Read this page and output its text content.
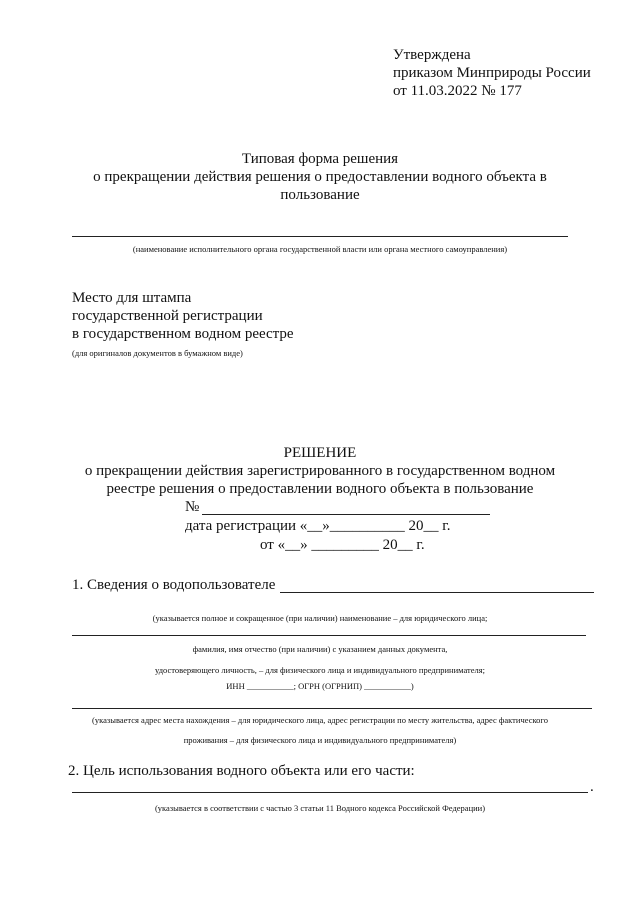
Утверждена
приказом Минприроды России
от 11.03.2022 № 177
Типовая форма решения
о прекращении действия решения о предоставлении водного объекта в
пользование
(наименование исполнительного органа государственной власти или органа местного самоуправления)
Место для штампа
государственной регистрации
в государственном водном реестре
(для оригиналов документов в бумажном виде)
РЕШЕНИЕ
о прекращении действия зарегистрированного в государственном водном
реестре решения о предоставлении водного объекта в пользование
№
дата регистрации «__»__________ 20__ г.
от «__» _________ 20__ г.
1. Сведения о водопользователе
(указывается полное и сокращенное (при наличии) наименование – для юридического лица;
фамилия, имя отчество (при наличии) с указанием данных документа,
удостоверяющего личность, – для физического лица и индивидуального предпринимателя;
ИНН ___________; ОГРН (ОГРНИП) ___________)
(указывается адрес места нахождения – для юридического лица, адрес регистрации по месту жительства, адрес фактического
проживания – для физического лица и индивидуального предпринимателя)
2. Цель использования водного объекта или его части:
.
(указывается в соответствии с частью 3 статьи 11 Водного кодекса Российской Федерации)
